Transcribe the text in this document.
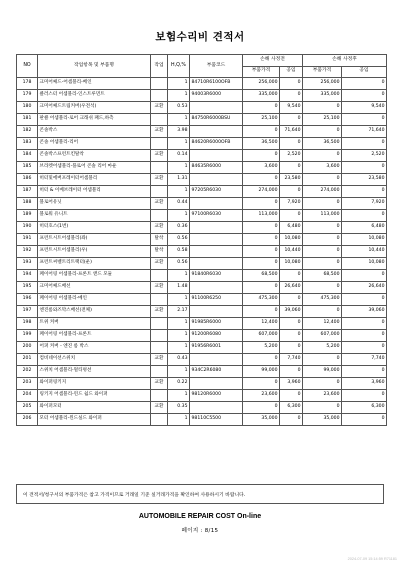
보험수리비 견적서
NO	작업항목 및 부품명	작업	H,Q,%	부품코드	손해 사정전		손해 사정후	
					부품가격	공임	부품가격	공임
178	크미어쎄드-어셈블리-베인		1	84710R6100OFB	256,000	0	256,000	0
179	클러스터 어셈블리-인스트루먼트		1	94003R6000	335,000	0	335,000	0
180	크미어쎄드트림커버(우전석)	교환	0.53		0	9,540	0	9,540
181	판클 어셈블리-로어 크래쉬 패드,하측		1	84750R6000BSU	25,100	0	25,100	0
182	콘솔박스	교환	3.98		0	71,640	0	71,640
183	콘솔 어셈블리-리어		1	84620R6000OFB	36,500	0	36,500	0
184	콘솔박스프런트킨탈착	교환	0.14		0	2,520	0	2,520
185	브라켓어셈블리-플로어 콘솔 리어 마운		1	84635R6000	3,600	0	3,600	0
186	히터및에버포레이터어셈블리	교환	1.31		0	23,580	0	23,580
187	히터 & 이베브레이터 어셈블리		1	97205R6030	274,000	0	274,000	0
188	블로어유닛	교환	0.44		0	7,920	0	7,920
189	블로워 유니트		1	97100R6030	113,000	0	113,000	0
190	히터호스(1번)	교환	0.36		0	6,480	0	6,480
191	프런트시트어셈블리(좌)	탈착	0.56		0	10,080	0	10,080
192	프런트시트어셈블리(우)	탈착	0.58		0	10,440	0	10,440
193	프런트씨벨트리트랙터(운)	교환	0.56		0	10,080	0	10,080
194	페이어링 어셈블리-프론트 앤드 모듈		1	91840R6030	68,500	0	68,500	0
195	크미어쎄드배선	교환	1.48		0	26,640	0	26,640
196	페이어링 어셈블리-메인		1	91100R6250	475,300	0	475,300	0
197	엔진룸와즈막스배선(전체)	교환	2.17		0	39,060	0	39,060
198	트위 커버		1	91985R6000	12,400	0	12,400	0
199	페이어링 어셈블리-프론트		1	91200R6080	607,000	0	607,000	0
200	어퍼 커버 - 엔진 룸 박스		1	91956R6001	5,200	0	5,200	0
201	컴비네이션스위치	교환	0.43		0	7,740	0	7,740
202	스위치 어셈블리-멀티펑션		1	934C2R6080	99,000	0	99,000	0
203	와이퍼링키지	교환	0.22		0	3,960	0	3,960
204	링키지 어셈블리-윈드 쉴드 와이퍼		1	98120R6000	23,600	0	23,600	0
205	와이퍼모터	교환	0.35		0	6,300	0	6,300
206	모터 어셈블리-윈드실드 와이퍼		1	98110C5500	35,000	0	35,000	0
이 견적서/청구서의 부품가격은 참고 가격이므로 거래일 기준 실거래가격을 확인하여 사용하시기 바랍니다.
AUTOMOBILE REPAIR COST On-line
페이지 : 8/15
2024-07-09 15:14:59 R71181
